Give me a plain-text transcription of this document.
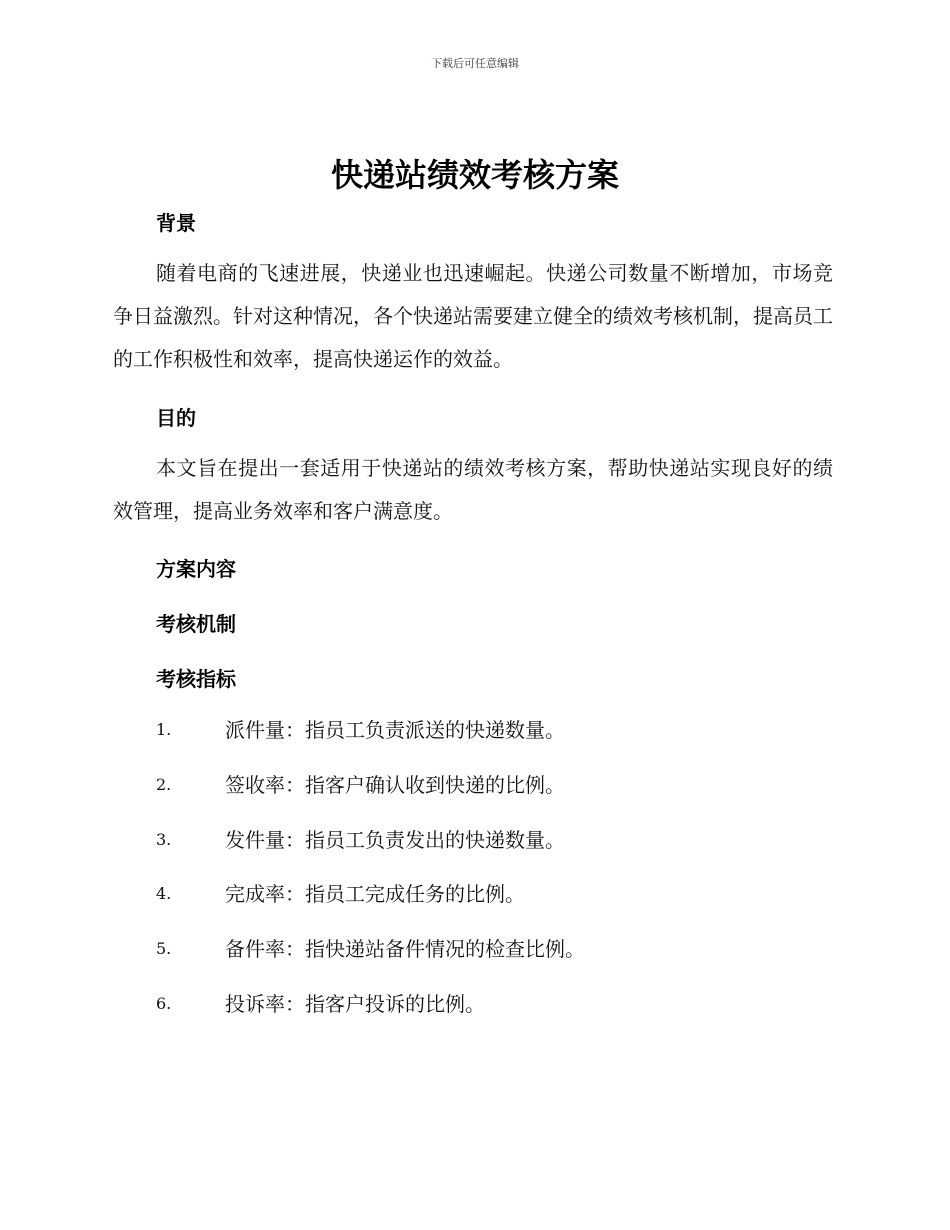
下载后可任意编辑
快递站绩效考核方案
背景

随着电商的飞速进展，快递业也迅速崛起。快递公司数量不断增加，市场竞争日益激烈。针对这种情况，各个快递站需要建立健全的绩效考核机制，提高员工的工作积极性和效率，提高快递运作的效益。

目的

本文旨在提出一套适用于快递站的绩效考核方案，帮助快递站实现良好的绩效管理，提高业务效率和客户满意度。

方案内容
考核机制
考核指标
1.	派件量：指员工负责派送的快递数量。
2.	签收率：指客户确认收到快递的比例。
3.	发件量：指员工负责发出的快递数量。
4.	完成率：指员工完成任务的比例。
5.	备件率：指快递站备件情况的检查比例。
6.	投诉率：指客户投诉的比例。
